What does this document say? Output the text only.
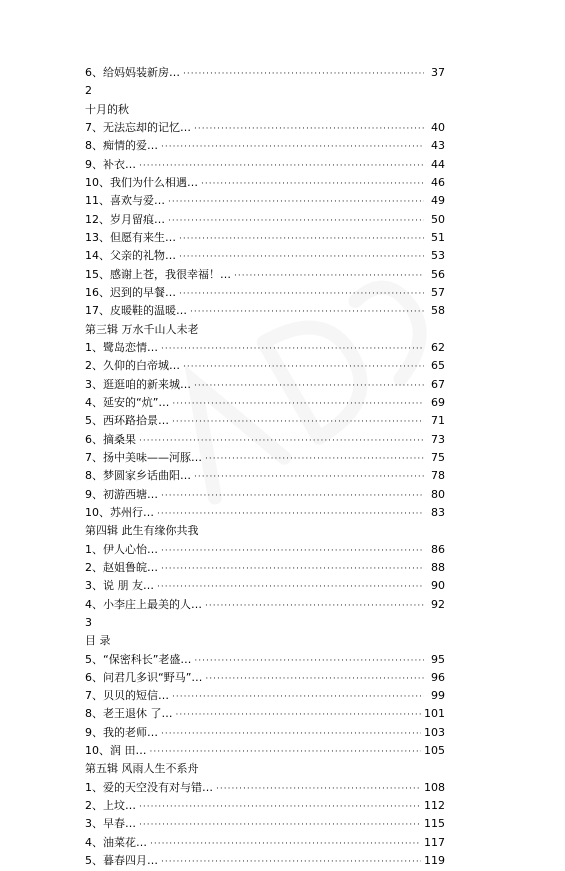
6、给妈妈装新房… ·····	37
2
十月的秋
7、无法忘却的记忆… ·····	40
8、痴情的爱… ·····	43
9、补衣… ·····	44
10、我们为什么相遇… ·····	46
11、喜欢与爱… ·····	49
12、岁月留痕… ·····	50
13、但愿有来生… ·····	51
14、父亲的礼物… ·····	53
15、感谢上苍，我很幸福！… ·····	56
16、迟到的早餐… ·····	57
17、皮暖鞋的温暖… ·····	58
第三辑 万水千山人未老
1、鹭岛恋情… ·····	62
2、久仰的白帝城… ·····	65
3、逛逛咱的新来城… ·····	67
4、延安的“炕”… ·····	69
5、西环路拾景… ·····	71
6、摘桑果 ·····	73
7、扬中美味——河豚… ·····	75
8、梦圆家乡话曲阳… ·····	78
9、初游西塘… ·····	80
10、苏州行… ·····	83
第四辑 此生有缘你共我
1、伊人心怡… ·····	86
2、赵姐鲁皖… ·····	88
3、说 朋 友… ·····	90
4、小李庄上最美的人… ·····	92
3
目 录
5、“保密科长”老盛… ·····	95
6、问君几多识“野马”… ·····	96
7、贝贝的短信… ·····	99
8、老王退休 了… ·····	101
9、我的老师… ·····	103
10、润 田… ·····	105
第五辑 风雨人生不系舟
1、爱的天空没有对与错… ·····	108
2、上坟… ·····	112
3、早春… ·····	115
4、油菜花… ·····	117
5、暮春四月… ·····	119
